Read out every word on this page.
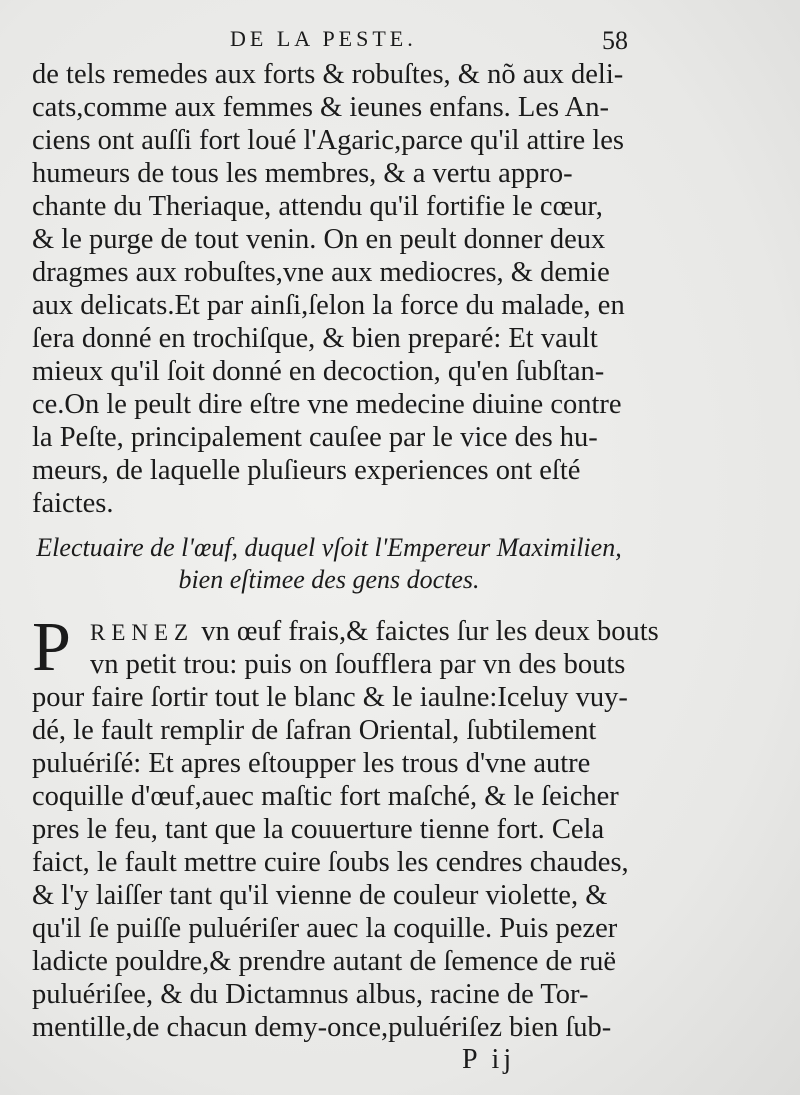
DE LA PESTE.	58
de tels remedes aux forts & robuſtes, & nõ aux deli-
cats,comme aux femmes & ieunes enfans. Les An-
ciens ont auſſi fort loué l'Agaric,parce qu'il attire les
humeurs de tous les membres, & a vertu appro-
chante du Theriaque, attendu qu'il fortifie le cœur,
& le purge de tout venin. On en peult donner deux
dragmes aux robuſtes,vne aux mediocres, & demie
aux delicats.Et par ainſi,ſelon la force du malade, en
ſera donné en trochiſque, & bien preparé: Et vault
mieux qu'il ſoit donné en decoction, qu'en ſubſtan-
ce.On le peult dire eſtre vne medecine diuine contre
la Peſte, principalement cauſee par le vice des hu-
meurs, de laquelle pluſieurs experiences ont eſté
faictes.
Electuaire de l'œuf, duquel vſoit l'Empereur Maximilien,
bien eſtimee des gens doctes.
P RENEZ vn œuf frais,& faictes ſur les deux bouts
vn petit trou: puis on ſoufflera par vn des bouts
pour faire ſortir tout le blanc & le iaulne:Iceluy vuy-
dé, le fault remplir de ſafran Oriental, ſubtilement
puluériſé: Et apres eſtoupper les trous d'vne autre
coquille d'œuf,auec maſtic fort maſché, & le ſeicher
pres le feu, tant que la couuerture tienne fort. Cela
faict, le fault mettre cuire ſoubs les cendres chaudes,
& l'y laiſſer tant qu'il vienne de couleur violette, &
qu'il ſe puiſſe puluériſer auec la coquille. Puis pezer
ladicte pouldre,& prendre autant de ſemence de ruë
puluériſee, & du Dictamnus albus, racine de Tor-
mentille,de chacun demy-once,puluériſez bien ſub-
P ij
